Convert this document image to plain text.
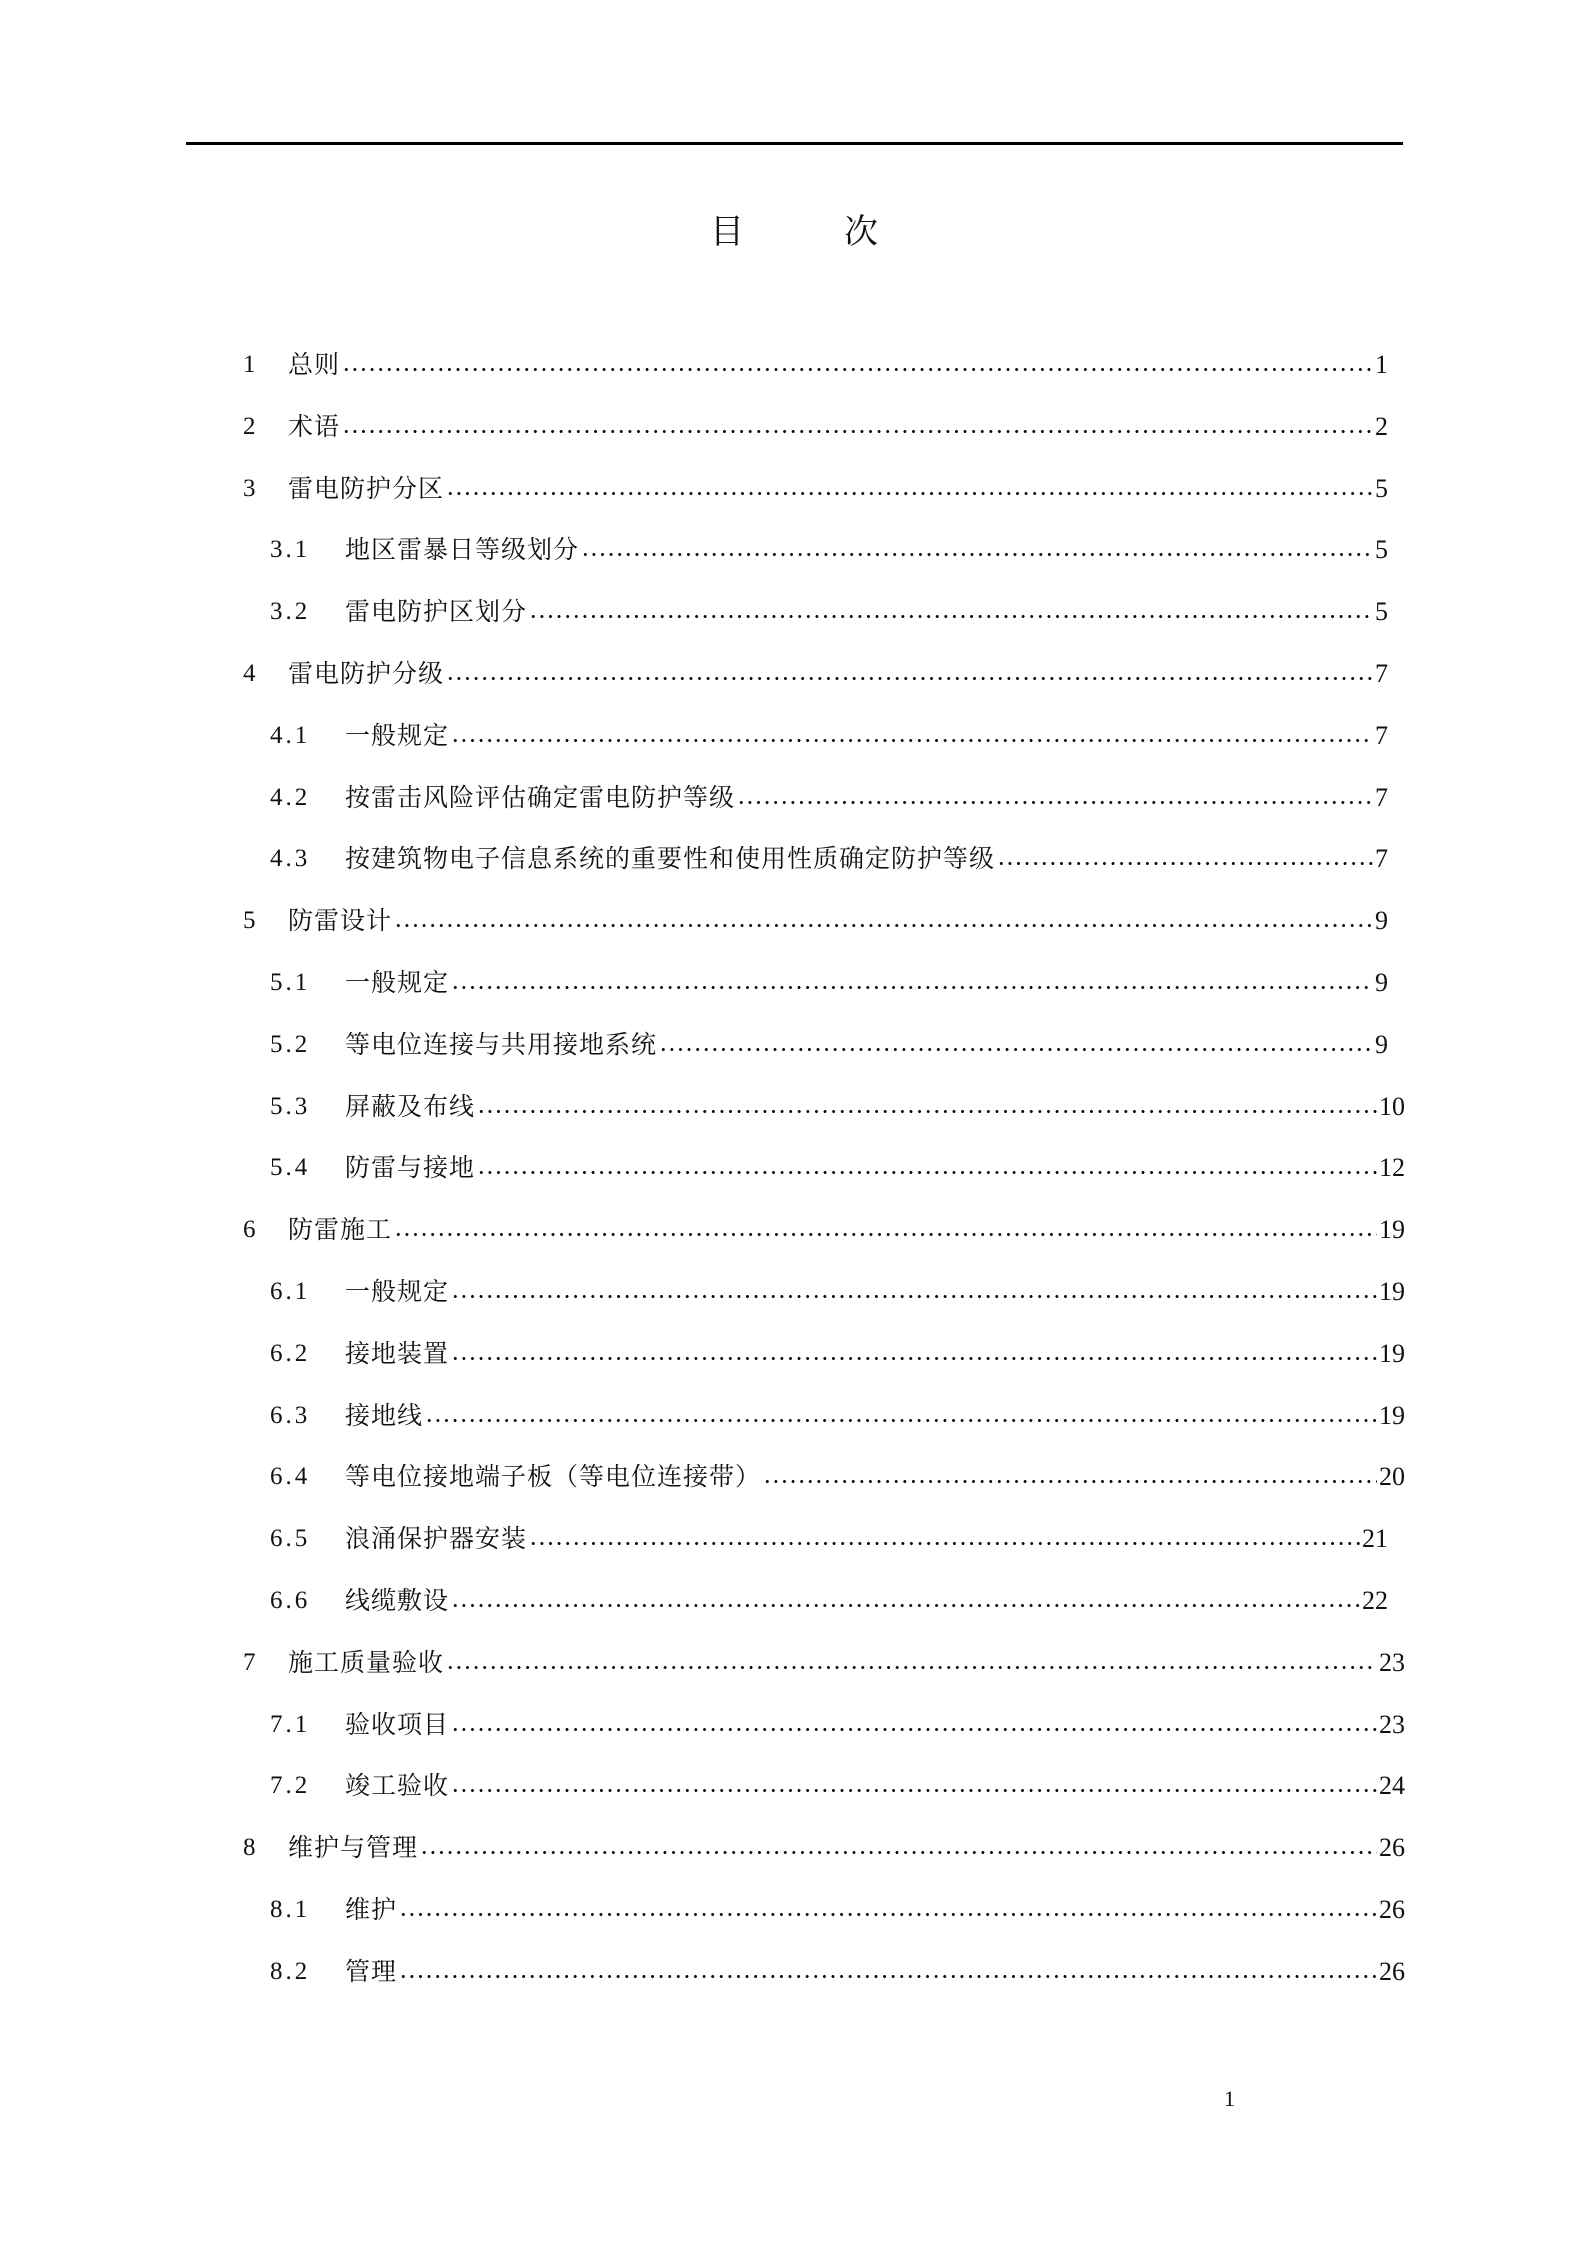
目	次
1	总则	1
2	术语	2
3	雷电防护分区	5
3.1	地区雷暴日等级划分	5
3.2	雷电防护区划分	5
4	雷电防护分级	7
4.1	一般规定	7
4.2	按雷击风险评估确定雷电防护等级	7
4.3	按建筑物电子信息系统的重要性和使用性质确定防护等级	7
5	防雷设计	9
5.1	一般规定	9
5.2	等电位连接与共用接地系统	9
5.3	屏蔽及布线	10
5.4	防雷与接地	12
6	防雷施工	19
6.1	一般规定	19
6.2	接地装置	19
6.3	接地线	19
6.4	等电位接地端子板（等电位连接带）	20
6.5	浪涌保护器安装	21
6.6	线缆敷设	22
7	施工质量验收	23
7.1	验收项目	23
7.2	竣工验收	24
8	维护与管理	26
8.1	维护	26
8.2	管理	26
1
